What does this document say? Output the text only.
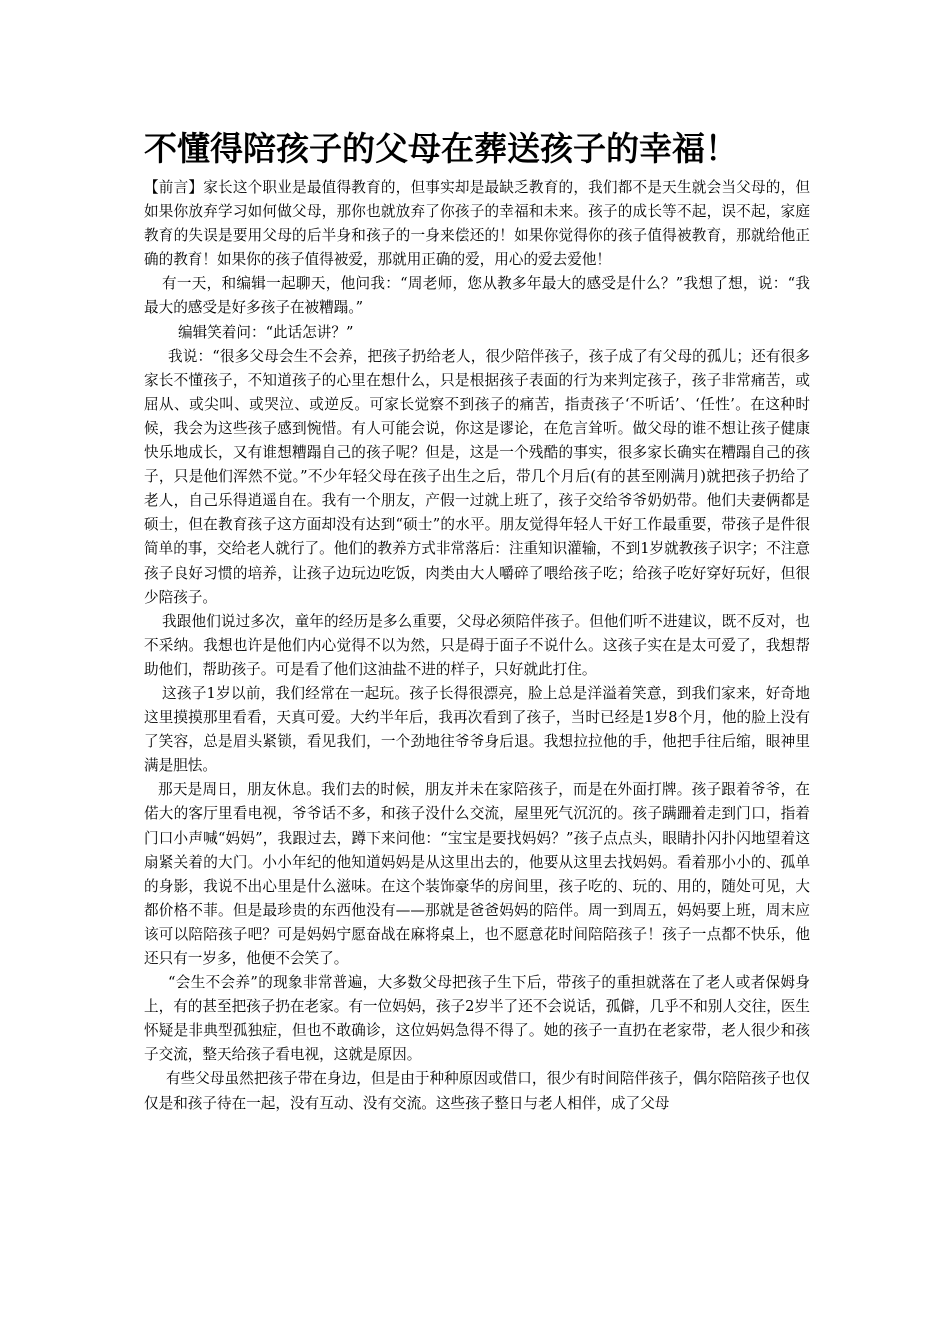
不懂得陪孩子的父母在葬送孩子的幸福！

【前言】家长这个职业是最值得教育的，但事实却是最缺乏教育的，我们都不是天生就会当父母的，但如果你放弃学习如何做父母，那你也就放弃了你孩子的幸福和未来。孩子的成长等不起，误不起，家庭教育的失误是要用父母的后半身和孩子的一身来偿还的！如果你觉得你的孩子值得被教育，那就给他正确的教育！如果你的孩子值得被爱，那就用正确的爱，用心的爱去爱他！

有一天，和编辑一起聊天，他问我：“周老师，您从教多年最大的感受是什么？”我想了想，说：“我最大的感受是好多孩子在被糟蹋。”

编辑笑着问：“此话怎讲？”

我说：“很多父母会生不会养，把孩子扔给老人，很少陪伴孩子，孩子成了有父母的孤儿；还有很多家长不懂孩子，不知道孩子的心里在想什么，只是根据孩子表面的行为来判定孩子，孩子非常痛苦，或屈从、或尖叫、或哭泣、或逆反。可家长觉察不到孩子的痛苦，指责孩子‘不听话’、‘任性’。在这种时候，我会为这些孩子感到惋惜。有人可能会说，你这是谬论，在危言耸听。做父母的谁不想让孩子健康快乐地成长，又有谁想糟蹋自己的孩子呢？但是，这是一个残酷的事实，很多家长确实在糟蹋自己的孩子，只是他们浑然不觉。”不少年轻父母在孩子出生之后，带几个月后(有的甚至刚满月)就把孩子扔给了老人，自己乐得逍遥自在。我有一个朋友，产假一过就上班了，孩子交给爷爷奶奶带。他们夫妻俩都是硕士，但在教育孩子这方面却没有达到“硕士”的水平。朋友觉得年轻人干好工作最重要，带孩子是件很简单的事，交给老人就行了。他们的教养方式非常落后：注重知识灌输，不到1岁就教孩子识字；不注意孩子良好习惯的培养，让孩子边玩边吃饭，肉类由大人嚼碎了喂给孩子吃；给孩子吃好穿好玩好，但很少陪孩子。

我跟他们说过多次，童年的经历是多么重要，父母必须陪伴孩子。但他们听不进建议，既不反对，也不采纳。我想也许是他们内心觉得不以为然，只是碍于面子不说什么。这孩子实在是太可爱了，我想帮助他们，帮助孩子。可是看了他们这油盐不进的样子，只好就此打住。

这孩子1岁以前，我们经常在一起玩。孩子长得很漂亮，脸上总是洋溢着笑意，到我们家来，好奇地这里摸摸那里看看，天真可爱。大约半年后，我再次看到了孩子，当时已经是1岁8个月，他的脸上没有了笑容，总是眉头紧锁，看见我们，一个劲地往爷爷身后退。我想拉拉他的手，他把手往后缩，眼神里满是胆怯。

那天是周日，朋友休息。我们去的时候，朋友并未在家陪孩子，而是在外面打牌。孩子跟着爷爷，在偌大的客厅里看电视，爷爷话不多，和孩子没什么交流，屋里死气沉沉的。孩子蹒跚着走到门口，指着门口小声喊“妈妈”，我跟过去，蹲下来问他：“宝宝是要找妈妈？”孩子点点头，眼睛扑闪扑闪地望着这扇紧关着的大门。小小年纪的他知道妈妈是从这里出去的，他要从这里去找妈妈。看着那小小的、孤单的身影，我说不出心里是什么滋味。在这个装饰豪华的房间里，孩子吃的、玩的、用的，随处可见，大都价格不菲。但是最珍贵的东西他没有——那就是爸爸妈妈的陪伴。周一到周五，妈妈要上班，周末应该可以陪陪孩子吧？可是妈妈宁愿奋战在麻将桌上，也不愿意花时间陪陪孩子！孩子一点都不快乐，他还只有一岁多，他便不会笑了。

“会生不会养”的现象非常普遍，大多数父母把孩子生下后，带孩子的重担就落在了老人或者保姆身上，有的甚至把孩子扔在老家。有一位妈妈，孩子2岁半了还不会说话，孤僻，几乎不和别人交往，医生怀疑是非典型孤独症，但也不敢确诊，这位妈妈急得不得了。她的孩子一直扔在老家带，老人很少和孩子交流，整天给孩子看电视，这就是原因。

有些父母虽然把孩子带在身边，但是由于种种原因或借口，很少有时间陪伴孩子，偶尔陪陪孩子也仅仅是和孩子待在一起，没有互动、没有交流。这些孩子整日与老人相伴，成了父母
